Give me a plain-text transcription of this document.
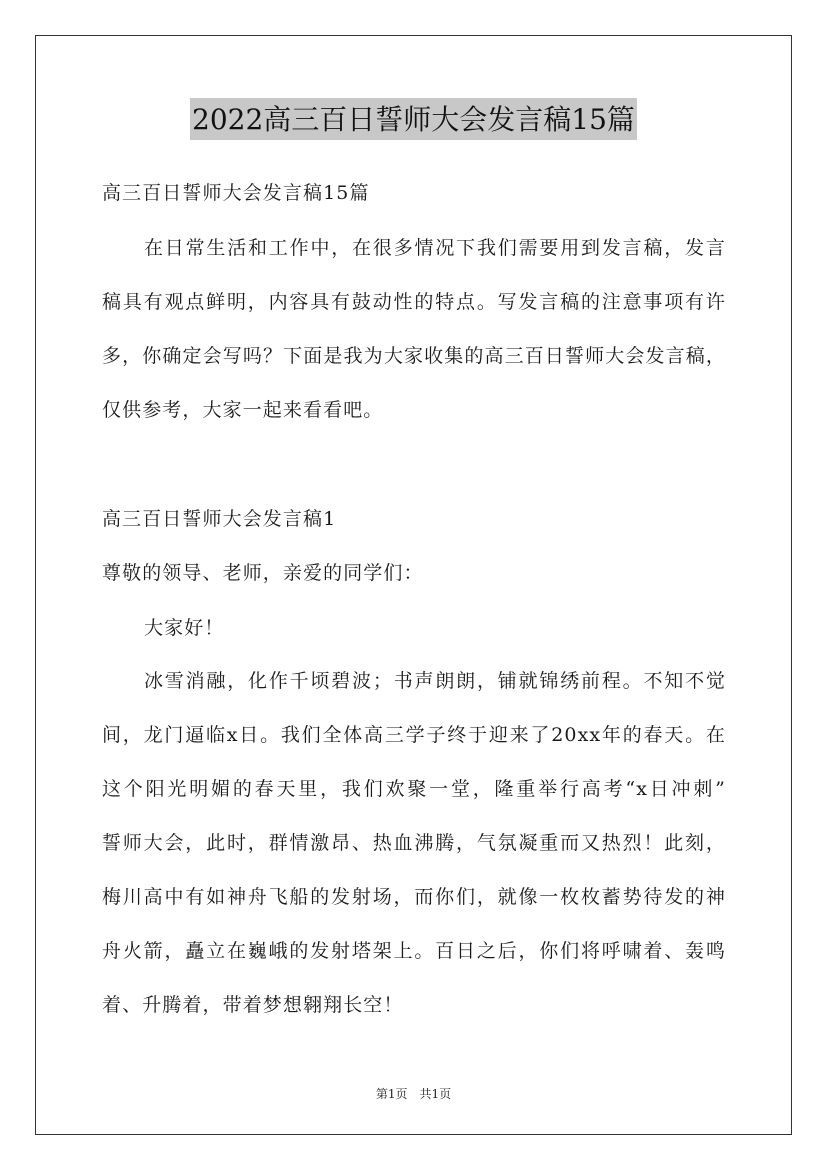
2022高三百日誓师大会发言稿15篇
高三百日誓师大会发言稿15篇
在日常生活和工作中，在很多情况下我们需要用到发言稿，发言
稿具有观点鲜明，内容具有鼓动性的特点。写发言稿的注意事项有许
多，你确定会写吗？下面是我为大家收集的高三百日誓师大会发言稿，
仅供参考，大家一起来看看吧。
高三百日誓师大会发言稿1
尊敬的领导、老师，亲爱的同学们：
大家好！
冰雪消融，化作千顷碧波；书声朗朗，铺就锦绣前程。不知不觉
间，龙门逼临x日。我们全体高三学子终于迎来了20xx年的春天。在
这个阳光明媚的春天里，我们欢聚一堂，隆重举行高考“x日冲刺”
誓师大会，此时，群情激昂、热血沸腾，气氛凝重而又热烈！此刻，
梅川高中有如神舟飞船的发射场，而你们，就像一枚枚蓄势待发的神
舟火箭，矗立在巍峨的发射塔架上。百日之后，你们将呼啸着、轰鸣
着、升腾着，带着梦想翱翔长空！
第1页　共1页
